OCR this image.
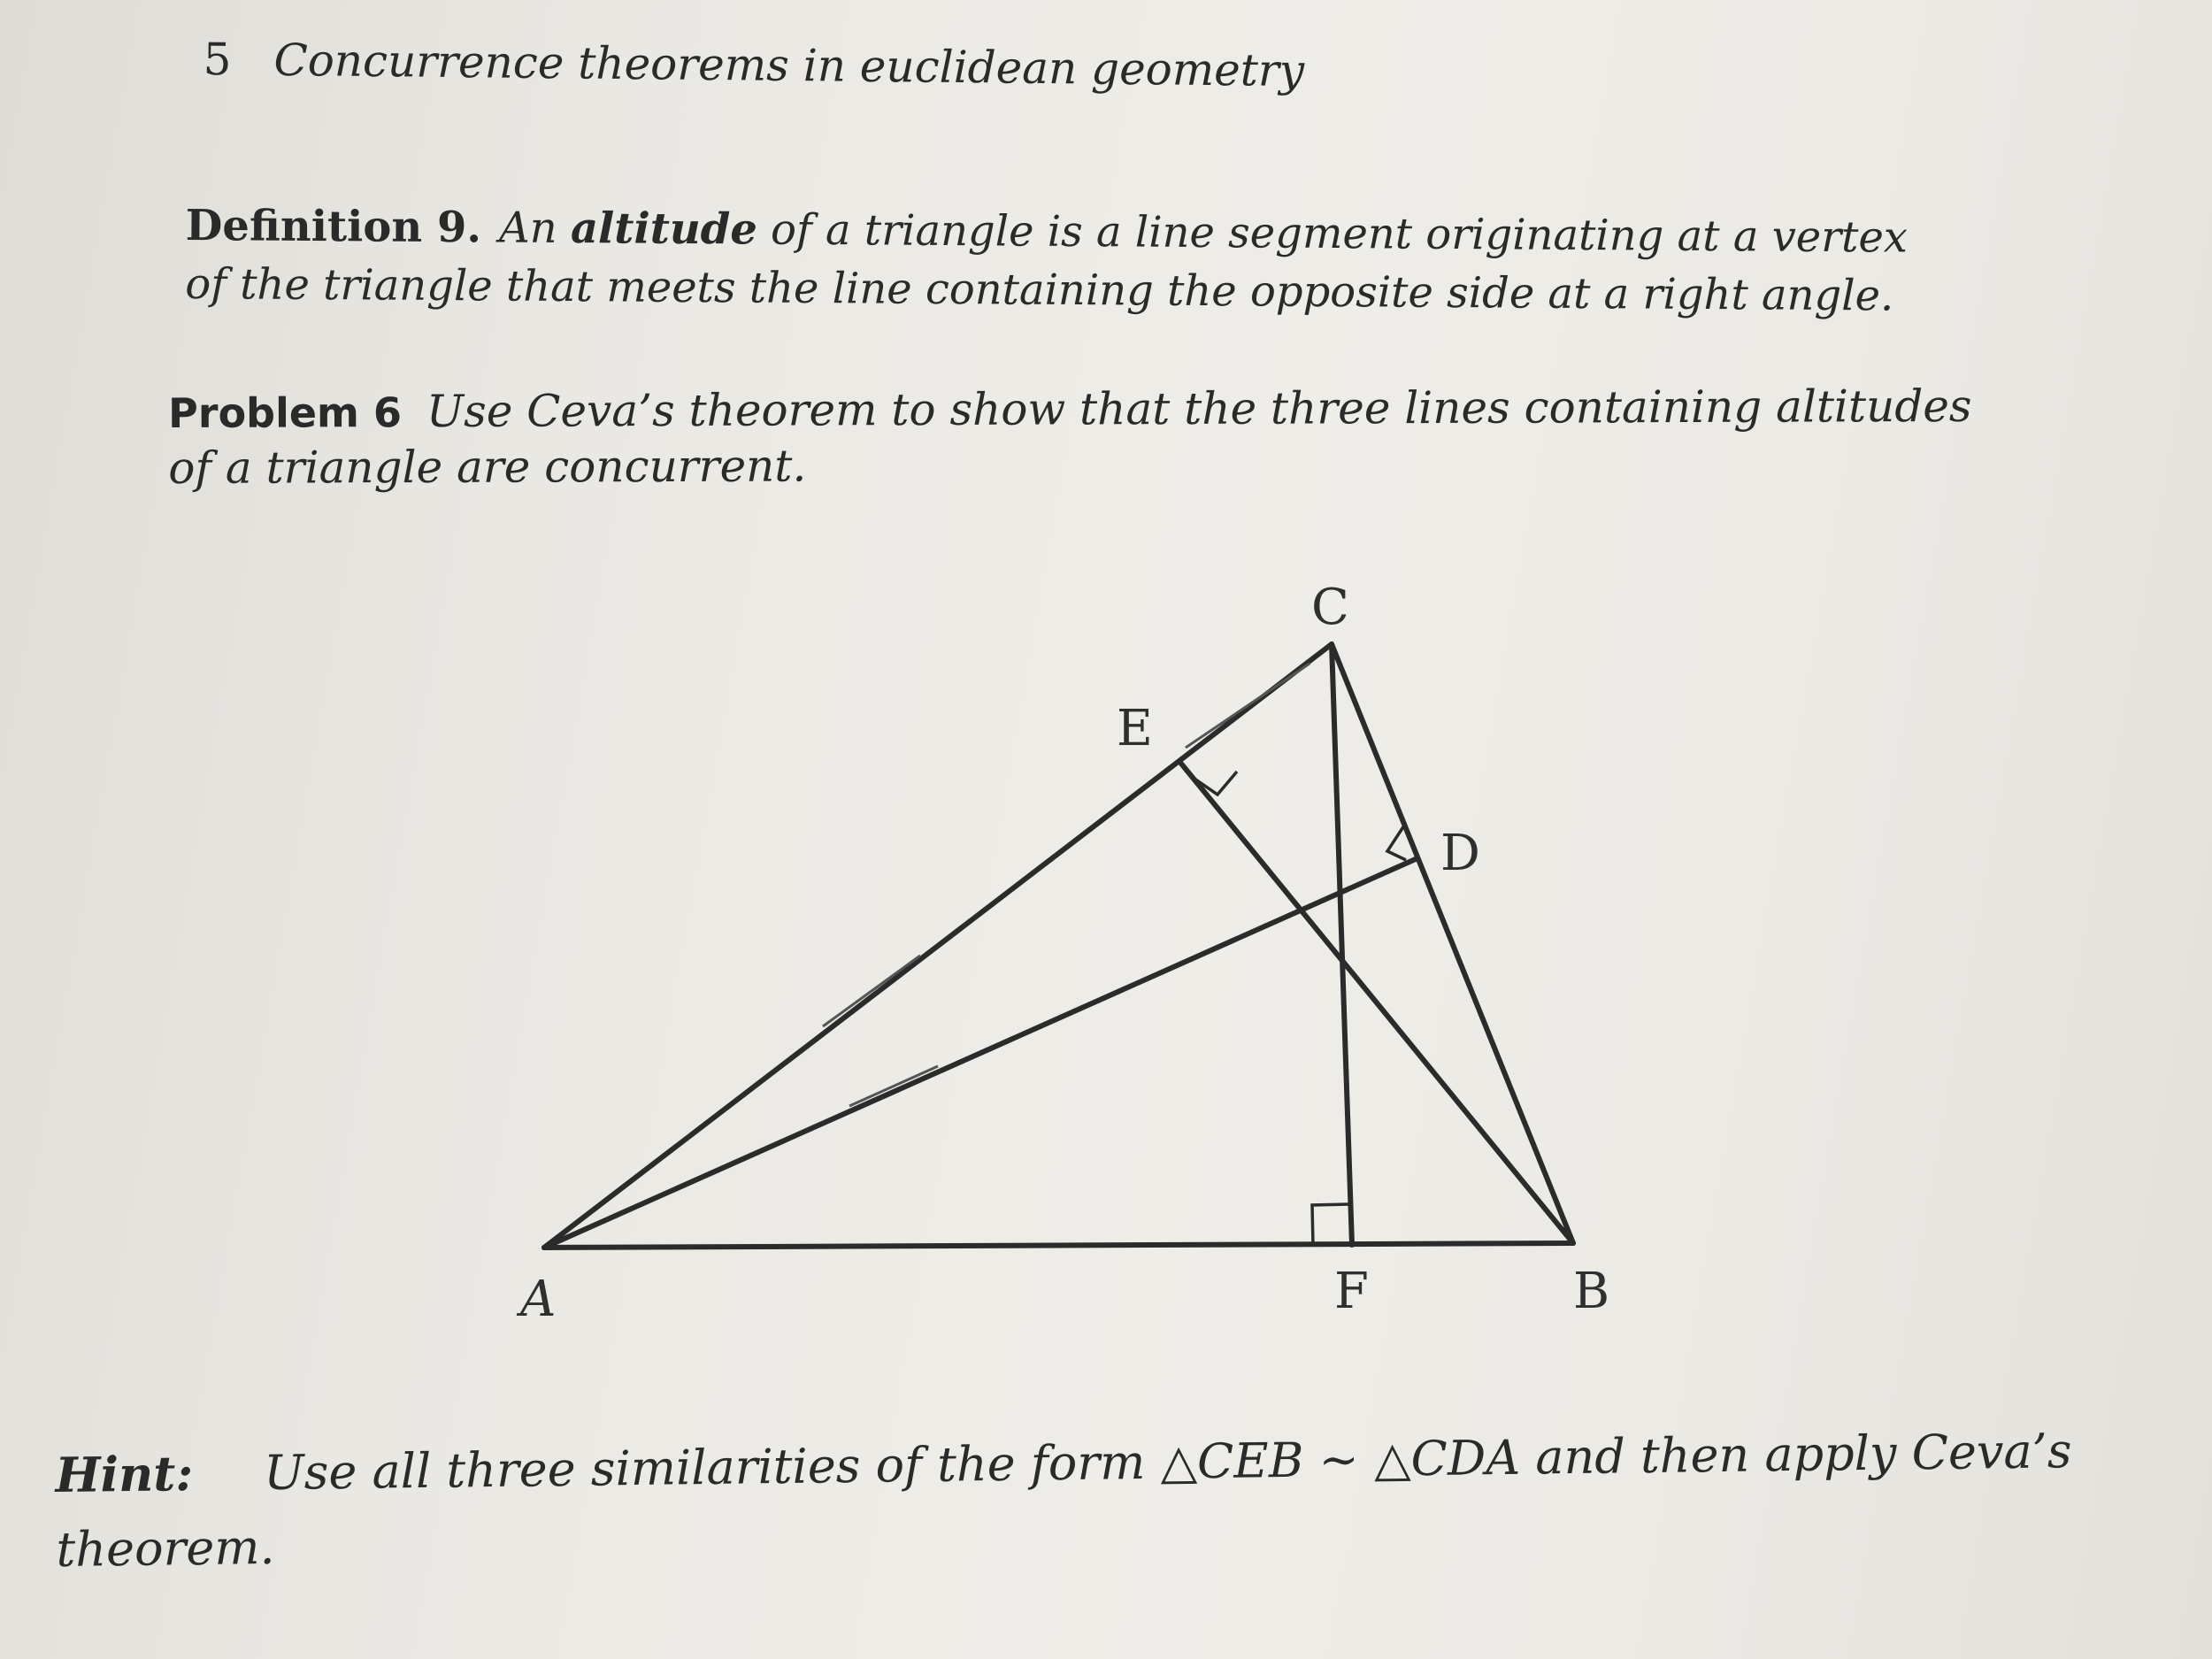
5 Concurrence theorems in euclidean geometry
Definition 9. An altitude of a triangle is a line segment originating at a vertex of the triangle that meets the line containing the opposite side at a right angle.
Problem 6 Use Ceva’s theorem to show that the three lines containing altitudes of a triangle are concurrent.
C
E
D
A	F	B
Hint: Use all three similarities of the form △CEB ∼ △CDA and then apply Ceva’s theorem.
